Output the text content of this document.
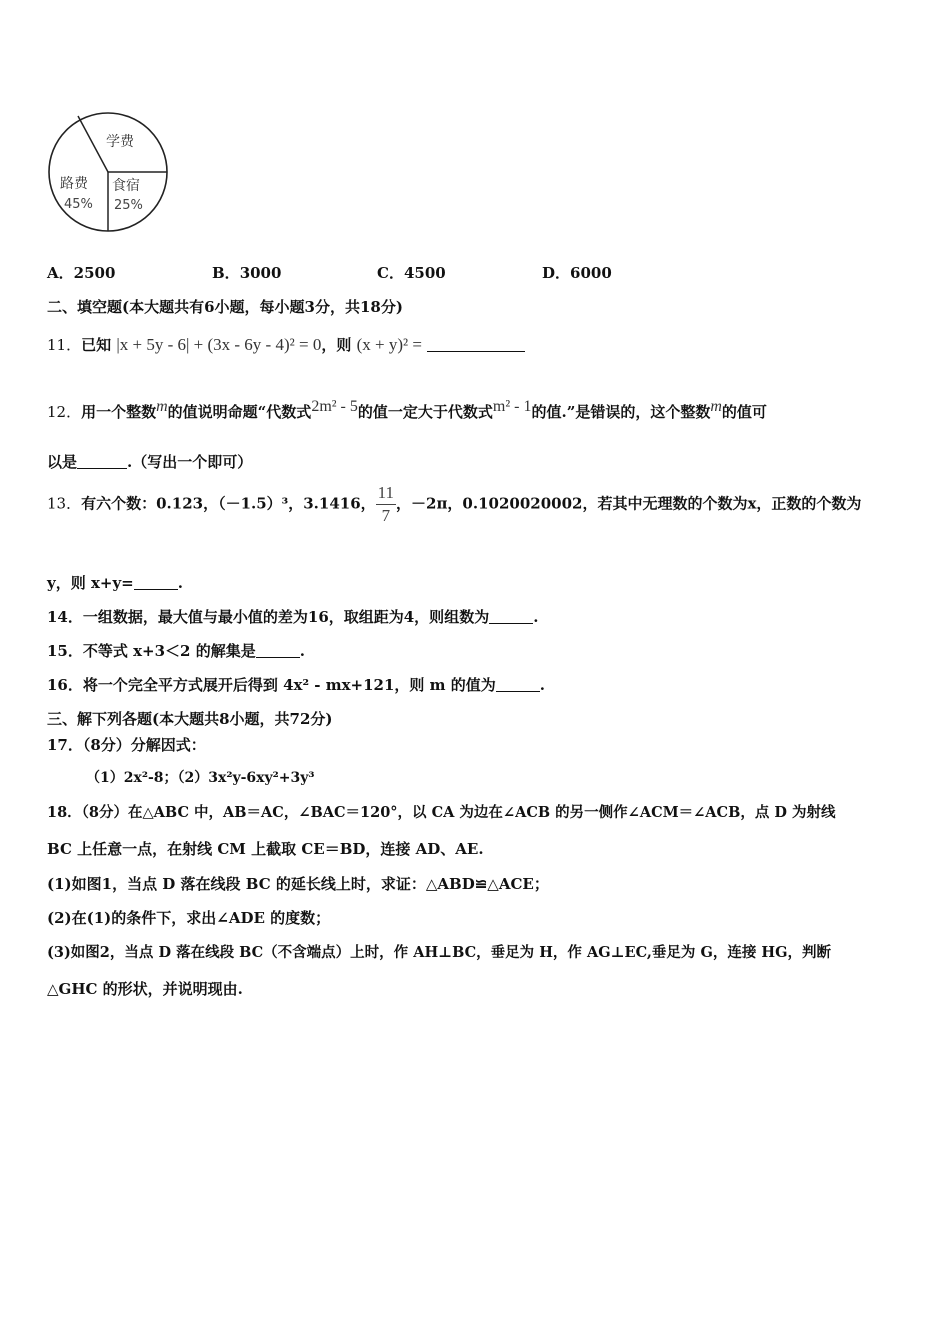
学费
路费
45%
食宿
25%
A．2500	B．3000	C．4500	D．6000
二、填空题(本大题共有6小题，每小题3分，共18分)
11．已知 |x + 5y - 6| + (3x - 6y - 4)² = 0，则 (x + y)² =
12．用一个整数m的值说明命题“代数式2m² - 5的值一定大于代数式m² - 1的值.”是错误的，这个整数m的值可
以是	.（写出一个即可）
13．有六个数：0.123，（－1.5）³，3.1416， $\frac{11}{7}$ ，－2π，0.1020020002，若其中无理数的个数为x，正数的个数为
y，则 x+y=	.
14．一组数据，最大值与最小值的差为16，取组距为4，则组数为	.
15．不等式 x+3＜2 的解集是	.
16．将一个完全平方式展开后得到 4x² - mx+121，则 m 的值为	.
三、解下列各题(本大题共8小题，共72分)
17．（8分）分解因式：
（1）2x²-8；（2）3x²y-6xy²+3y³
18．（8分）在△ABC 中，AB＝AC，∠BAC＝120°，以 CA 为边在∠ACB 的另一侧作∠ACM＝∠ACB，点 D 为射线
BC 上任意一点，在射线 CM 上截取 CE＝BD，连接 AD、AE.
(1)如图1，当点 D 落在线段 BC 的延长线上时，求证：△ABD≌△ACE；
(2)在(1)的条件下，求出∠ADE 的度数；
(3)如图2，当点 D 落在线段 BC（不含端点）上时，作 AH⊥BC，垂足为 H，作 AG⊥EC,垂足为 G，连接 HG，判断
△GHC 的形状，并说明现由.
